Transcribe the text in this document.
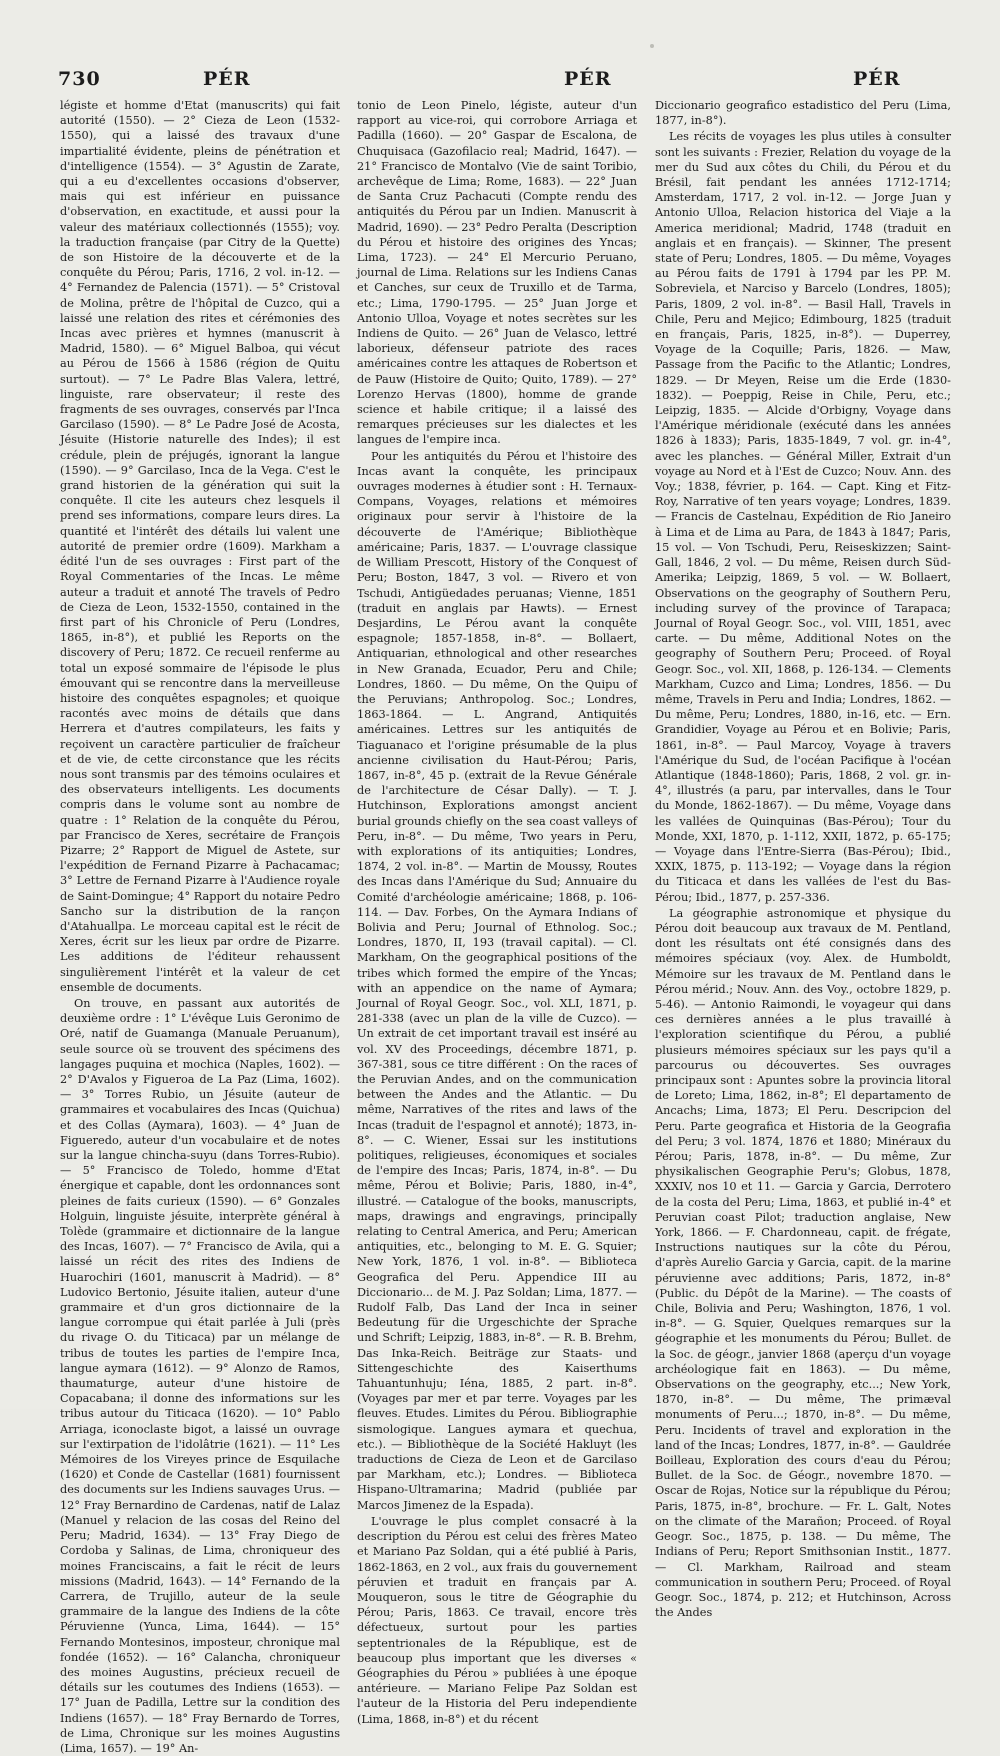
730	PÉR	PÉR	PÉR

légiste et homme d'Etat (manuscrits) qui fait autorité (1550). — 2° Cieza de Leon (1532-1550), qui a laissé des travaux d'une impartialité évidente, pleins de pénétration et d'intelligence (1554). — 3° Agustin de Zarate, qui a eu d'excellentes occasions d'observer, mais qui est inférieur en puissance d'observation, en exactitude, et aussi pour la valeur des matériaux collectionnés (1555); voy. la traduction française (par Citry de la Quette) de son Histoire de la découverte et de la conquête du Pérou; Paris, 1716, 2 vol. in-12. — 4° Fernandez de Palencia (1571). — 5° Cristoval de Molina, prêtre de l'hôpital de Cuzco, qui a laissé une relation des rites et cérémonies des Incas avec prières et hymnes (manuscrit à Madrid, 1580). — 6° Miguel Balboa, qui vécut au Pérou de 1566 à 1586 (région de Quitu surtout). — 7° Le Padre Blas Valera, lettré, linguiste, rare observateur; il reste des fragments de ses ouvrages, conservés par l'Inca Garcilaso (1590). — 8° Le Padre José de Acosta, Jésuite (Historie naturelle des Indes); il est crédule, plein de préjugés, ignorant la langue (1590). — 9° Garcilaso, Inca de la Vega. C'est le grand historien de la génération qui suit la conquête. Il cite les auteurs chez lesquels il prend ses informations, compare leurs dires. La quantité et l'intérêt des détails lui valent une autorité de premier ordre (1609). Markham a édité l'un de ses ouvrages : First part of the Royal Commentaries of the Incas. Le même auteur a traduit et annoté The travels of Pedro de Cieza de Leon, 1532-1550, contained in the first part of his Chronicle of Peru (Londres, 1865, in-8°), et publié les Reports on the discovery of Peru; 1872. Ce recueil renferme au total un exposé sommaire de l'épisode le plus émouvant qui se rencontre dans la merveilleuse histoire des conquêtes espagnoles; et quoique racontés avec moins de détails que dans Herrera et d'autres compilateurs, les faits y reçoivent un caractère particulier de fraîcheur et de vie, de cette circonstance que les récits nous sont transmis par des témoins oculaires et des observateurs intelligents. Les documents compris dans le volume sont au nombre de quatre : 1° Relation de la conquête du Pérou, par Francisco de Xeres, secrétaire de François Pizarre; 2° Rapport de Miguel de Astete, sur l'expédition de Fernand Pizarre à Pachacamac; 3° Lettre de Fernand Pizarre à l'Audience royale de Saint-Domingue; 4° Rapport du notaire Pedro Sancho sur la distribution de la rançon d'Atahuallpa. Le morceau capital est le récit de Xeres, écrit sur les lieux par ordre de Pizarre. Les additions de l'éditeur rehaussent singulièrement l'intérêt et la valeur de cet ensemble de documents.

On trouve, en passant aux autorités de deuxième ordre : 1° L'évêque Luis Geronimo de Oré, natif de Guamanga (Manuale Peruanum), seule source où se trouvent des spécimens des langages puquina et mochica (Naples, 1602). — 2° D'Avalos y Figueroa de La Paz (Lima, 1602). — 3° Torres Rubio, un Jésuite (auteur de grammaires et vocabulaires des Incas (Quichua) et des Collas (Aymara), 1603). — 4° Juan de Figueredo, auteur d'un vocabulaire et de notes sur la langue chincha-suyu (dans Torres-Rubio). — 5° Francisco de Toledo, homme d'Etat énergique et capable, dont les ordonnances sont pleines de faits curieux (1590). — 6° Gonzales Holguin, linguiste jésuite, interprète général à Tolède (grammaire et dictionnaire de la langue des Incas, 1607). — 7° Francisco de Avila, qui a laissé un récit des rites des Indiens de Huarochiri (1601, manuscrit à Madrid). — 8° Ludovico Bertonio, Jésuite italien, auteur d'une grammaire et d'un gros dictionnaire de la langue corrompue qui était parlée à Juli (près du rivage O. du Titicaca) par un mélange de tribus de toutes les parties de l'empire Inca, langue aymara (1612). — 9° Alonzo de Ramos, thaumaturge, auteur d'une histoire de Copacabana; il donne des informations sur les tribus autour du Titicaca (1620). — 10° Pablo Arriaga, iconoclaste bigot, a laissé un ouvrage sur l'extirpation de l'idolâtrie (1621). — 11° Les Mémoires de los Vireyes prince de Esquilache (1620) et Conde de Castellar (1681) fournissent des documents sur les Indiens sauvages Urus. — 12° Fray Bernardino de Cardenas, natif de Lalaz (Manuel y relacion de las cosas del Reino del Peru; Madrid, 1634). — 13° Fray Diego de Cordoba y Salinas, de Lima, chroniqueur des moines Franciscains, a fait le récit de leurs missions (Madrid, 1643). — 14° Fernando de la Carrera, de Trujillo, auteur de la seule grammaire de la langue des Indiens de la côte Péruvienne (Yunca, Lima, 1644). — 15° Fernando Montesinos, imposteur, chronique mal fondée (1652). — 16° Calancha, chroniqueur des moines Augustins, précieux recueil de détails sur les coutumes des Indiens (1653). — 17° Juan de Padilla, Lettre sur la condition des Indiens (1657). — 18° Fray Bernardo de Torres, de Lima, Chronique sur les moines Augustins (Lima, 1657). — 19° An-

tonio de Leon Pinelo, légiste, auteur d'un rapport au vice-roi, qui corrobore Arriaga et Padilla (1660). — 20° Gaspar de Escalona, de Chuquisaca (Gazofilacio real; Madrid, 1647). — 21° Francisco de Montalvo (Vie de saint Toribio, archevêque de Lima; Rome, 1683). — 22° Juan de Santa Cruz Pachacuti (Compte rendu des antiquités du Pérou par un Indien. Manuscrit à Madrid, 1690). — 23° Pedro Peralta (Description du Pérou et histoire des origines des Yncas; Lima, 1723). — 24° El Mercurio Peruano, journal de Lima. Relations sur les Indiens Canas et Canches, sur ceux de Truxillo et de Tarma, etc.; Lima, 1790-1795. — 25° Juan Jorge et Antonio Ulloa, Voyage et notes secrètes sur les Indiens de Quito. — 26° Juan de Velasco, lettré laborieux, défenseur patriote des races américaines contre les attaques de Robertson et de Pauw (Histoire de Quito; Quito, 1789). — 27° Lorenzo Hervas (1800), homme de grande science et habile critique; il a laissé des remarques précieuses sur les dialectes et les langues de l'empire inca.

Pour les antiquités du Pérou et l'histoire des Incas avant la conquête, les principaux ouvrages modernes à étudier sont : H. Ternaux-Compans, Voyages, relations et mémoires originaux pour servir à l'histoire de la découverte de l'Amérique; Bibliothèque américaine; Paris, 1837. — L'ouvrage classique de William Prescott, History of the Conquest of Peru; Boston, 1847, 3 vol. — Rivero et von Tschudi, Antigüedades peruanas; Vienne, 1851 (traduit en anglais par Hawts). — Ernest Desjardins, Le Pérou avant la conquête espagnole; 1857-1858, in-8°. — Bollaert, Antiquarian, ethnological and other researches in New Granada, Ecuador, Peru and Chile; Londres, 1860. — Du même, On the Quipu of the Peruvians; Anthropolog. Soc.; Londres, 1863-1864. — L. Angrand, Antiquités américaines. Lettres sur les antiquités de Tiaguanaco et l'origine présumable de la plus ancienne civilisation du Haut-Pérou; Paris, 1867, in-8°, 45 p. (extrait de la Revue Générale de l'architecture de César Dally). — T. J. Hutchinson, Explorations amongst ancient burial grounds chiefly on the sea coast valleys of Peru, in-8°. — Du même, Two years in Peru, with explorations of its antiquities; Londres, 1874, 2 vol. in-8°. — Martin de Moussy, Routes des Incas dans l'Amérique du Sud; Annuaire du Comité d'archéologie américaine; 1868, p. 106-114. — Dav. Forbes, On the Aymara Indians of Bolivia and Peru; Journal of Ethnolog. Soc.; Londres, 1870, II, 193 (travail capital). — Cl. Markham, On the geographical positions of the tribes which formed the empire of the Yncas; with an appendice on the name of Aymara; Journal of Royal Geogr. Soc., vol. XLI, 1871, p. 281-338 (avec un plan de la ville de Cuzco). — Un extrait de cet important travail est inséré au vol. XV des Proceedings, décembre 1871, p. 367-381, sous ce titre différent : On the races of the Peruvian Andes, and on the communication between the Andes and the Atlantic. — Du même, Narratives of the rites and laws of the Incas (traduit de l'espagnol et annoté); 1873, in-8°. — C. Wiener, Essai sur les institutions politiques, religieuses, économiques et sociales de l'empire des Incas; Paris, 1874, in-8°. — Du même, Pérou et Bolivie; Paris, 1880, in-4°, illustré. — Catalogue of the books, manuscripts, maps, drawings and engravings, principally relating to Central America, and Peru; American antiquities, etc., belonging to M. E. G. Squier; New York, 1876, 1 vol. in-8°. — Biblioteca Geografica del Peru. Appendice III au Diccionario... de M. J. Paz Soldan; Lima, 1877. — Rudolf Falb, Das Land der Inca in seiner Bedeutung für die Urgeschichte der Sprache und Schrift; Leipzig, 1883, in-8°. — R. B. Brehm, Das Inka-Reich. Beiträge zur Staats- und Sittengeschichte des Kaiserthums Tahuantunhuju; Iéna, 1885, 2 part. in-8°. (Voyages par mer et par terre. Voyages par les fleuves. Etudes. Limites du Pérou. Bibliographie sismologique. Langues aymara et quechua, etc.). — Bibliothèque de la Société Hakluyt (les traductions de Cieza de Leon et de Garcilaso par Markham, etc.); Londres. — Biblioteca Hispano-Ultramarina; Madrid (publiée par Marcos Jimenez de la Espada).

L'ouvrage le plus complet consacré à la description du Pérou est celui des frères Mateo et Mariano Paz Soldan, qui a été publié à Paris, 1862-1863, en 2 vol., aux frais du gouvernement péruvien et traduit en français par A. Mouqueron, sous le titre de Géographie du Pérou; Paris, 1863. Ce travail, encore très défectueux, surtout pour les parties septentrionales de la République, est de beaucoup plus important que les diverses « Géographies du Pérou » publiées à une époque antérieure. — Mariano Felipe Paz Soldan est l'auteur de la Historia del Peru independiente (Lima, 1868, in-8°) et du récent

Diccionario geografico estadistico del Peru (Lima, 1877, in-8°).

Les récits de voyages les plus utiles à consulter sont les suivants : Frezier, Relation du voyage de la mer du Sud aux côtes du Chili, du Pérou et du Brésil, fait pendant les années 1712-1714; Amsterdam, 1717, 2 vol. in-12. — Jorge Juan y Antonio Ulloa, Relacion historica del Viaje a la America meridional; Madrid, 1748 (traduit en anglais et en français). — Skinner, The present state of Peru; Londres, 1805. — Du même, Voyages au Pérou faits de 1791 à 1794 par les PP. M. Sobreviela, et Narciso y Barcelo (Londres, 1805); Paris, 1809, 2 vol. in-8°. — Basil Hall, Travels in Chile, Peru and Mejico; Edimbourg, 1825 (traduit en français, Paris, 1825, in-8°). — Duperrey, Voyage de la Coquille; Paris, 1826. — Maw, Passage from the Pacific to the Atlantic; Londres, 1829. — Dr Meyen, Reise um die Erde (1830-1832). — Poeppig, Reise in Chile, Peru, etc.; Leipzig, 1835. — Alcide d'Orbigny, Voyage dans l'Amérique méridionale (exécuté dans les années 1826 à 1833); Paris, 1835-1849, 7 vol. gr. in-4°, avec les planches. — Général Miller, Extrait d'un voyage au Nord et à l'Est de Cuzco; Nouv. Ann. des Voy.; 1838, février, p. 164. — Capt. King et Fitz-Roy, Narrative of ten years voyage; Londres, 1839. — Francis de Castelnau, Expédition de Rio Janeiro à Lima et de Lima au Para, de 1843 à 1847; Paris, 15 vol. — Von Tschudi, Peru, Reiseskizzen; Saint-Gall, 1846, 2 vol. — Du même, Reisen durch Süd-Amerika; Leipzig, 1869, 5 vol. — W. Bollaert, Observations on the geography of Southern Peru, including survey of the province of Tarapaca; Journal of Royal Geogr. Soc., vol. VIII, 1851, avec carte. — Du même, Additional Notes on the geography of Southern Peru; Proceed. of Royal Geogr. Soc., vol. XII, 1868, p. 126-134. — Clements Markham, Cuzco and Lima; Londres, 1856. — Du même, Travels in Peru and India; Londres, 1862. — Du même, Peru; Londres, 1880, in-16, etc. — Ern. Grandidier, Voyage au Pérou et en Bolivie; Paris, 1861, in-8°. — Paul Marcoy, Voyage à travers l'Amérique du Sud, de l'océan Pacifique à l'océan Atlantique (1848-1860); Paris, 1868, 2 vol. gr. in-4°, illustrés (a paru, par intervalles, dans le Tour du Monde, 1862-1867). — Du même, Voyage dans les vallées de Quinquinas (Bas-Pérou); Tour du Monde, XXI, 1870, p. 1-112, XXII, 1872, p. 65-175; — Voyage dans l'Entre-Sierra (Bas-Pérou); Ibid., XXIX, 1875, p. 113-192; — Voyage dans la région du Titicaca et dans les vallées de l'est du Bas-Pérou; Ibid., 1877, p. 257-336.

La géographie astronomique et physique du Pérou doit beaucoup aux travaux de M. Pentland, dont les résultats ont été consignés dans des mémoires spéciaux (voy. Alex. de Humboldt, Mémoire sur les travaux de M. Pentland dans le Pérou mérid.; Nouv. Ann. des Voy., octobre 1829, p. 5-46). — Antonio Raimondi, le voyageur qui dans ces dernières années a le plus travaillé à l'exploration scientifique du Pérou, a publié plusieurs mémoires spéciaux sur les pays qu'il a parcourus ou découvertes. Ses ouvrages principaux sont : Apuntes sobre la provincia litoral de Loreto; Lima, 1862, in-8°; El departamento de Ancachs; Lima, 1873; El Peru. Descripcion del Peru. Parte geografica et Historia de la Geografia del Peru; 3 vol. 1874, 1876 et 1880; Minéraux du Pérou; Paris, 1878, in-8°. — Du même, Zur physikalischen Geographie Peru's; Globus, 1878, XXXIV, nos 10 et 11. — Garcia y Garcia, Derrotero de la costa del Peru; Lima, 1863, et publié in-4° et Peruvian coast Pilot; traduction anglaise, New York, 1866. — F. Chardonneau, capit. de frégate, Instructions nautiques sur la côte du Pérou, d'après Aurelio Garcia y Garcia, capit. de la marine péruvienne avec additions; Paris, 1872, in-8° (Public. du Dépôt de la Marine). — The coasts of Chile, Bolivia and Peru; Washington, 1876, 1 vol. in-8°. — G. Squier, Quelques remarques sur la géographie et les monuments du Pérou; Bullet. de la Soc. de géogr., janvier 1868 (aperçu d'un voyage archéologique fait en 1863). — Du même, Observations on the geography, etc...; New York, 1870, in-8°. — Du même, The primæval monuments of Peru...; 1870, in-8°. — Du même, Peru. Incidents of travel and exploration in the land of the Incas; Londres, 1877, in-8°. — Gauldrée Boilleau, Exploration des cours d'eau du Pérou; Bullet. de la Soc. de Géogr., novembre 1870. — Oscar de Rojas, Notice sur la république du Pérou; Paris, 1875, in-8°, brochure. — Fr. L. Galt, Notes on the climate of the Marañon; Proceed. of Royal Geogr. Soc., 1875, p. 138. — Du même, The Indians of Peru; Report Smithsonian Instit., 1877. — Cl. Markham, Railroad and steam communication in southern Peru; Proceed. of Royal Geogr. Soc., 1874, p. 212; et Hutchinson, Across the Andes
